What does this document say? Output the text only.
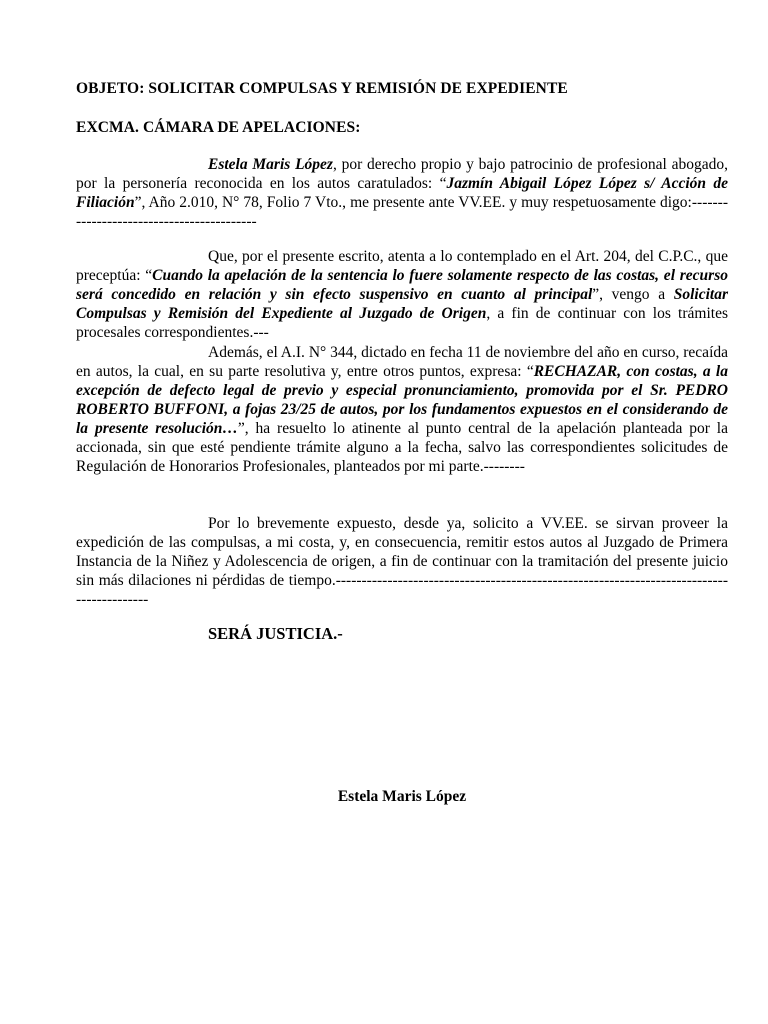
OBJETO: SOLICITAR COMPULSAS Y REMISIÓN DE EXPEDIENTE
EXCMA. CÁMARA DE APELACIONES:
Estela Maris López, por derecho propio y bajo patrocinio de profesional abogado, por la personería reconocida en los autos caratulados: “Jazmín Abigail López López s/ Acción de Filiación”, Año 2.010, N° 78, Folio 7 Vto., me presente ante VV.EE. y muy respetuosamente digo:------------------------------------------
Que, por el presente escrito, atenta a lo contemplado en el Art. 204, del C.P.C., que preceptúa: “Cuando la apelación de la sentencia lo fuere solamente respecto de las costas, el recurso será concedido en relación y sin efecto suspensivo en cuanto al principal”, vengo a Solicitar Compulsas y Remisión del Expediente al Juzgado de Origen, a fin de continuar con los trámites procesales correspondientes.---
Además, el A.I. N° 344, dictado en fecha 11 de noviembre del año en curso, recaída en autos, la cual, en su parte resolutiva y, entre otros puntos, expresa: “RECHAZAR, con costas, a la excepción de defecto legal de previo y especial pronunciamiento, promovida por el Sr. PEDRO ROBERTO BUFFONI, a fojas 23/25 de autos, por los fundamentos expuestos en el considerando de la presente resolución…”, ha resuelto lo atinente al punto central de la apelación planteada por la accionada, sin que esté pendiente trámite alguno a la fecha, salvo las correspondientes solicitudes de Regulación de Honorarios Profesionales, planteados por mi parte.--------
Por lo brevemente expuesto, desde ya, solicito a VV.EE. se sirvan proveer la expedición de las compulsas, a mi costa, y, en consecuencia, remitir estos autos al Juzgado de Primera Instancia de la Niñez y Adolescencia de origen, a fin de continuar con la tramitación del presente juicio sin más dilaciones ni pérdidas de tiempo.------------------------------------------------------------------------------------------
SERÁ JUSTICIA.-
Estela Maris López
